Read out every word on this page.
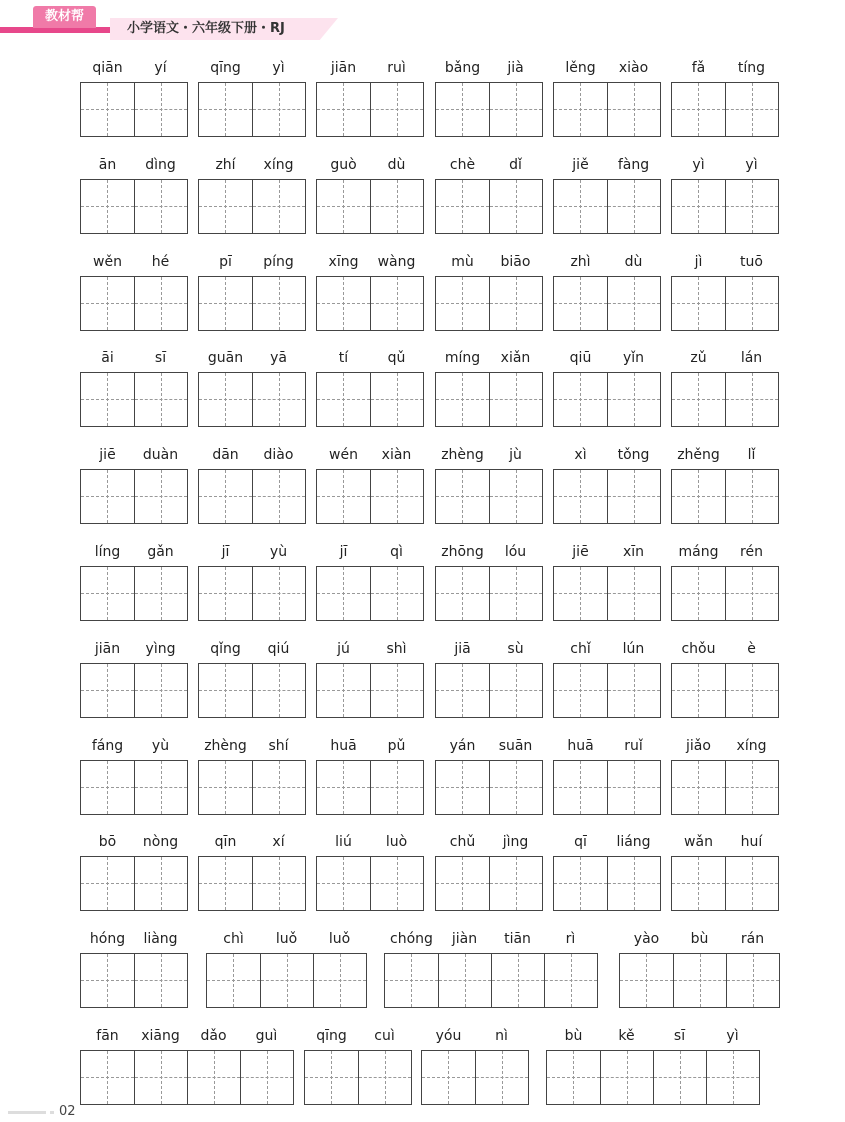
教材帮
小学语文・六年级下册・RJ
qiān	yí	qīng	yì	jiān	ruì	bǎng	jià	lěng	xiào	fǎ	tíng
ān	dìng	zhí	xíng	guò	dù	chè	dǐ	jiě	fàng	yì	yì
wěn	hé	pī	píng	xīng	wàng	mù	biāo	zhì	dù	jì	tuō
āi	sī	guān	yā	tí	qǔ	míng	xiǎn	qiū	yǐn	zǔ	lán
jiē	duàn	dān	diào	wén	xiàn	zhèng	jù	xì	tǒng	zhěng	lǐ
líng	gǎn	jī	yù	jī	qì	zhōng	lóu	jiē	xīn	máng	rén
jiān	yìng	qǐng	qiú	jú	shì	jiā	sù	chǐ	lún	chǒu	è
fáng	yù	zhèng	shí	huā	pǔ	yán	suān	huā	ruǐ	jiǎo	xíng
bō	nòng	qīn	xí	liú	luò	chǔ	jìng	qī	liáng	wǎn	huí
hóng	liàng	chì	luǒ	luǒ	chóng	jiàn	tiān	rì	yào	bù	rán
fān	xiāng	dǎo	guì	qīng	cuì	yóu	nì	bù	kě	sī	yì
02
